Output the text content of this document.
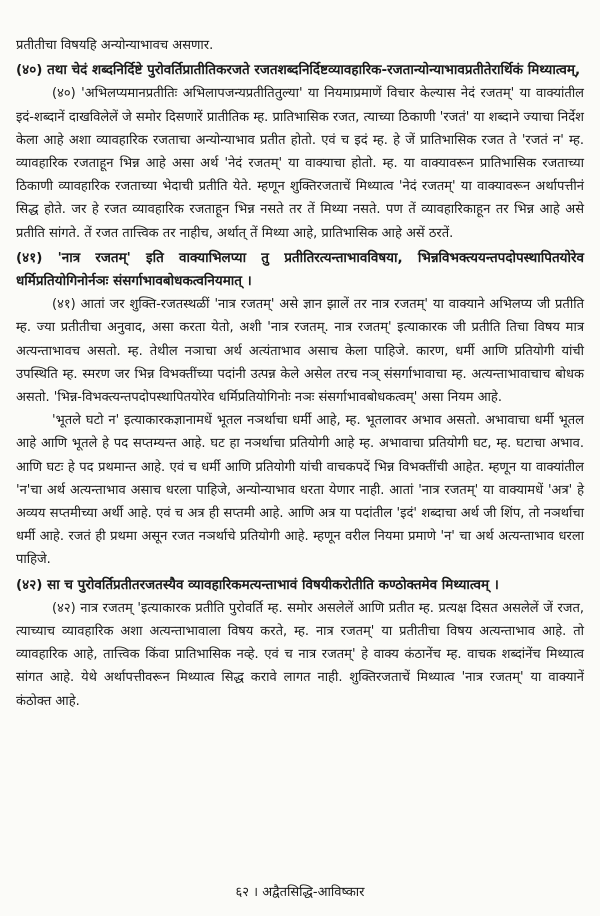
प्रतीतीचा विषयहि अन्योन्याभावच असणार.

(४०) तथा चेदं शब्दनिर्दिष्टे पुरोवर्तिप्रातीतिकरजते रजतशब्दनिर्दिष्टव्यावहारिक-रजतान्योन्याभावप्रतीतेरार्थिकं मिथ्यात्वम्,

(४०) 'अभिलप्यमानप्रतीतिः अभिलापजन्यप्रतीतितुल्या' या नियमाप्रमाणें विचार केल्यास नेदं रजतम्' या वाक्यांतील इदं-शब्दानें दाखविलेलें जे समोर दिसणारें प्रातीतिक म्ह. प्रातिभासिक रजत, त्याच्या ठिकाणी 'रजतं' या शब्दाने ज्याचा निर्देश केला आहे अशा व्यावहारिक रजताचा अन्योन्याभाव प्रतीत होतो. एवं च इदं म्ह. हे जें प्रातिभासिक रजत ते 'रजतं न' म्ह. व्यावहारिक रजताहून भिन्न आहे असा अर्थ 'नेदं रजतम्' या वाक्याचा होतो. म्ह. या वाक्यावरून प्रातिभासिक रजताच्या ठिकाणी व्यावहारिक रजताच्या भेदाची प्रतीति येते. म्हणून शुक्तिरजताचें मिथ्यात्व 'नेदं रजतम्' या वाक्यावरून अर्थापत्तीनं सिद्ध होते. जर हे रजत व्यावहारिक रजताहून भिन्न नसते तर तें मिथ्या नसते. पण तें व्यावहारिकाहून तर भिन्न आहे असे प्रतीति सांगते. तें रजत तात्त्विक तर नाहीच, अर्थात् तें मिथ्या आहे, प्रातिभासिक आहे असें ठरतें.

(४१) 'नात्र रजतम्' इति वाक्याभिलप्या तु प्रतीतिरत्यन्ताभावविषया, भिन्नविभक्त्ययन्तपदोपस्थापितयोरेव धर्मिप्रतियोगिनोर्नञः संसर्गाभावबोधकत्वनियमात् ।

(४१) आतां जर शुक्ति-रजतस्थळीं 'नात्र रजतम्' असे ज्ञान झालें तर नात्र रजतम्' या वाक्याने अभिलप्य जी प्रतीति म्ह. ज्या प्रतीतीचा अनुवाद, असा करता येतो, अशी 'नात्र रजतम्. नात्र रजतम्' इत्याकारक जी प्रतीति तिचा विषय मात्र अत्यन्ताभावच असतो. म्ह. तेथील नञाचा अर्थ अत्यंताभाव असाच केला पाहिजे. कारण, धर्मी आणि प्रतियोगी यांची उपस्थिति म्ह. स्मरण जर भिन्न विभक्तींच्या पदांनी उत्पन्न केले असेल तरच नञ् संसर्गाभावाचा म्ह. अत्यन्ताभावाचाच बोधक असतो. 'भिन्न-विभक्त्यन्तपदोपस्थापितयोरेव धर्मिप्रतियोगिनोः नञः संसर्गाभावबोधकत्वम्' असा नियम आहे.

'भूतले घटो न' इत्याकारकज्ञानामधें भूतल नञर्थाचा धर्मी आहे, म्ह. भूतलावर अभाव असतो. अभावाचा धर्मी भूतल आहे आणि भूतले हे पद सप्तम्यन्त आहे. घट हा नञर्थाचा प्रतियोगी आहे म्ह. अभावाचा प्रतियोगी घट, म्ह. घटाचा अभाव. आणि घटः हे पद प्रथमान्त आहे. एवं च धर्मी आणि प्रतियोगी यांची वाचकपदें भिन्न विभक्तींची आहेत. म्हणून या वाक्यांतील 'न'चा अर्थ अत्यन्ताभाव असाच धरला पाहिजे, अन्योन्याभाव धरता येणार नाही. आतां 'नात्र रजतम्' या वाक्यामधें 'अत्र' हे अव्यय सप्तमीच्या अर्थी आहे. एवं च अत्र ही सप्तमी आहे. आणि अत्र या पदांतील 'इदं' शब्दाचा अर्थ जी शिंप, तो नञर्थाचा धर्मी आहे. रजतं ही प्रथमा असून रजत नञर्थाचे प्रतियोगी आहे. म्हणून वरील नियमा प्रमाणे 'न' चा अर्थ अत्यन्ताभाव धरला पाहिजे.

(४२) सा च पुरोवर्तिप्रतीतरजतस्यैव व्यावहारिकमत्यन्ताभावं विषयीकरोतीति कण्ठोक्तमेव मिथ्यात्वम् ।

(४२) नात्र रजतम् 'इत्याकारक प्रतीति पुरोवर्ति म्ह. समोर असलेलें आणि प्रतीत म्ह. प्रत्यक्ष दिसत असलेलें जें रजत, त्याच्याच व्यावहारिक अशा अत्यन्ताभावाला विषय करते, म्ह. नात्र रजतम्' या प्रतीतीचा विषय अत्यन्ताभाव आहे. तो व्यावहारिक आहे, तात्त्विक किंवा प्रातिभासिक नव्हे. एवं च नात्र रजतम्' हे वाक्य कंठानेंच म्ह. वाचक शब्दांनेंच मिथ्यात्व सांगत आहे. येथे अर्थापत्तीवरून मिथ्यात्व सिद्ध करावे लागत नाही. शुक्तिरजताचें मिथ्यात्व 'नात्र रजतम्' या वाक्यानें कंठोक्त आहे.

६२ । अद्वैतसिद्धि-आविष्कार
